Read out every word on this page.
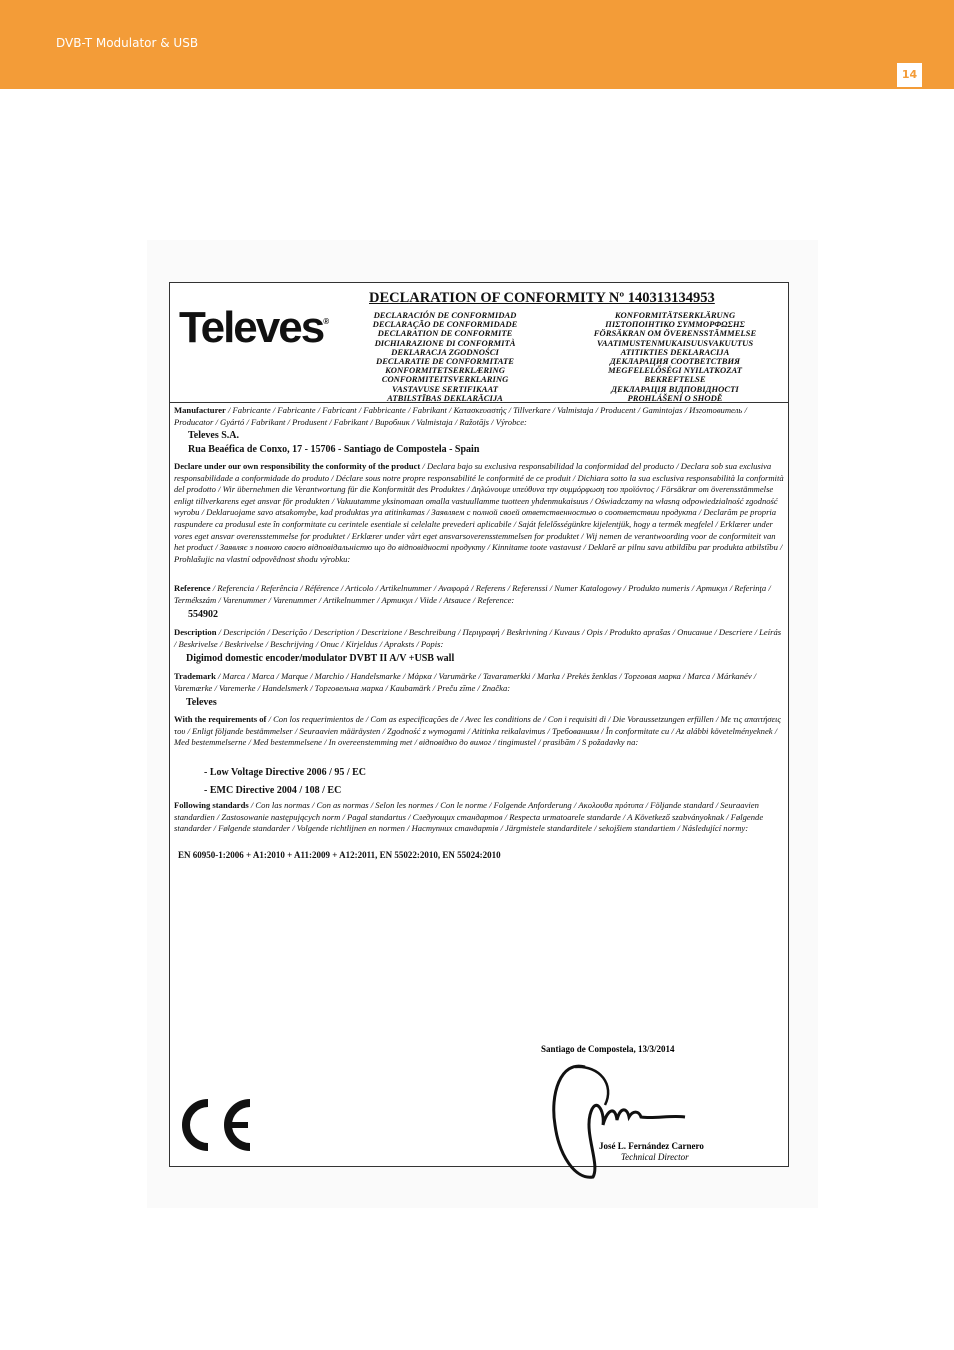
DVB-T Modulator & USB
14
Televes®
DECLARATION OF CONFORMITY Nº 140313134953
DECLARACIÓN DE CONFORMIDAD
DECLARAÇÃO DE CONFORMIDADE
DECLARATION DE CONFORMITE
DICHIARAZIONE DI CONFORMITÀ
DEKLARACJA ZGODNOŚCI
DECLARATIE DE CONFORMITATE
KONFORMITETSERKLÆRING
CONFORMITEITSVERKLARING
VASTAVUSE SERTIFIKAAT
ATBILSTĪBAS DEKLARĀCIJA
KONFORMITÄTSERKLÄRUNG
ΠΙΣΤΟΠΟΙΗΤΙΚΟ ΣΥΜΜΟΡΦΩΣΗΣ
FÖRSÄKRAN OM ÖVERENSSTÄMMELSE
VAATIMUSTENMUKAISUUSVAKUUTUS
ATITIKTIES DEKLARACIJA
ДЕКЛАРАЦИЯ СООТВЕТСТВИЯ
MEGFELELŐSÉGI NYILATKOZAT
BEKREFTELSE
ДЕКЛАРАЦІЯ ВІДПОВІДНОСТІ
PROHLÁŠENÍ O SHODĚ
Manufacturer / Fabricante / Fabricante / Fabricant / Fabbricante / Fabrikant / Κατασκευαστής / Tillverkare / Valmistaja / Producent / Gamintojas / Изготовитель / Producator / Gyártó / Fabrikant / Produsent / Fabrikant / Виробник / Valmistaja / Ražotājs / Výrobce:
Televes S.A.
Rua Beaéfica de Conxo, 17 - 15706 - Santiago de Compostela - Spain
Declare under our own responsibility the conformity of the product / Declara bajo su exclusiva responsabilidad la conformidad del producto / Declara sob sua exclusiva responsabilidade a conformidade do produto / Déclare sous notre propre responsabilité le conformité de ce produit / Dichiara sotto la sua esclusiva responsabilità la conformità del prodotto / Wir übernehmen die Verantwortung für die Konformität des Produktes / Δηλώνουμε υπεύθυνα την συμμόρφωση του προϊόντος / Försäkrar om överensstämmelse enligt tillverkarens eget ansvar för produkten / Vakuutamme yksinomaan omalla vastuullamme tuotteen yhdenmukaisuus / Oświadczamy na własną odpowiedzialność zgodność wyrobu / Deklaruojame savo atsakomybe, kad produktas yra atitinkamas / Заявляем с полной своей ответственностью о соответствии продукта / Declarăm pe propria raspundere ca produsul este în conformitate cu cerintele esentiale si celelalte prevederi aplicabile / Saját felelősségünkre kijelentjük, hogy a termék megfelel / Erklærer under vores eget ansvar overensstemmelse for produktet / Erklærer under vårt eget ansvarsoverensstemmelsen for produktet / Wij nemen de verantwoording voor de conformiteit van het product / Заявляє з повною своєю відповідальністю що до відповідності продукту / Kinnitame toote vastavust / Deklarē ar pilnu savu atbildību par produkta atbilstību / Prohlašujic na vlastní odpovědnost shodu výrobku:
Reference / Referencia / Referência / Référence / Articolo / Artikelnummer / Αναφορά / Referens / Referenssi / Numer Katalogowy / Produkto numeris / Артикул / Referinţa / Termékszám / Varenummer / Varenummer / Artikelnummer / Артикул / Viide / Atsauce / Reference:
554902
Description / Descripción / Descrição / Description / Descrizione / Beschreibung / Περιγραφή / Beskrivning / Kuvaus / Opis / Produkto aprašas / Описание / Descriere / Leírás / Beskrivelse / Beskrivelse / Beschrijving / Опис / Kirjeldus / Apraksts / Popis:
Digimod domestic encoder/modulator DVBT II A/V +USB wall
Trademark / Marca / Marca / Marque / Marchio / Handelsmarke / Μάρκα / Varumärke / Tavaramerkki / Marka / Prekės ženklas / Торговая марка / Marca / Márkanév / Varemærke / Varemerke / Handelsmerk / Торговельна марка / Kaubamärk / Preču zīme / Značka:
Televes
With the requirements of / Con los requerimientos de / Com as especificações de / Avec les conditions de / Con i requisiti di / Die Voraussetzungen erfüllen / Με τις απαιτήσεις του / Enligt följande bestämmelser / Seuraavien määräysten / Zgodność z wymogami / Atitinka reikalavimus / Требованиям / În conformitate cu / Az alábbi követelményeknek / Med bestemmelserne / Med bestemmelsene / In overeenstemming met / відповідно до вимог / tingimustel / prasibām / S požadavky na:
- Low Voltage Directive 2006 / 95 / EC
- EMC Directive 2004 / 108 / EC
Following standards / Con las normas / Con as normas / Selon les normes / Con le norme / Folgende Anforderung / Ακολουθα πρότυπα / Följande standard / Seuraavien standardien / Zastosowanie następujących norm / Pagal standartus / Следующих стандартов / Respecta urmatoarele standarde / A Következő szabványoknak / Følgende standarder / Følgende standarder / Volgende richtlijnen en normen / Наступних стандартів / Järgmistele standarditele / sekojšiem standartiem / Následující normy:
EN 60950-1:2006 + A1:2010 + A11:2009 + A12:2011, EN 55022:2010, EN 55024:2010
Santiago de Compostela, 13/3/2014
José L. Fernández Carnero
Technical Director
